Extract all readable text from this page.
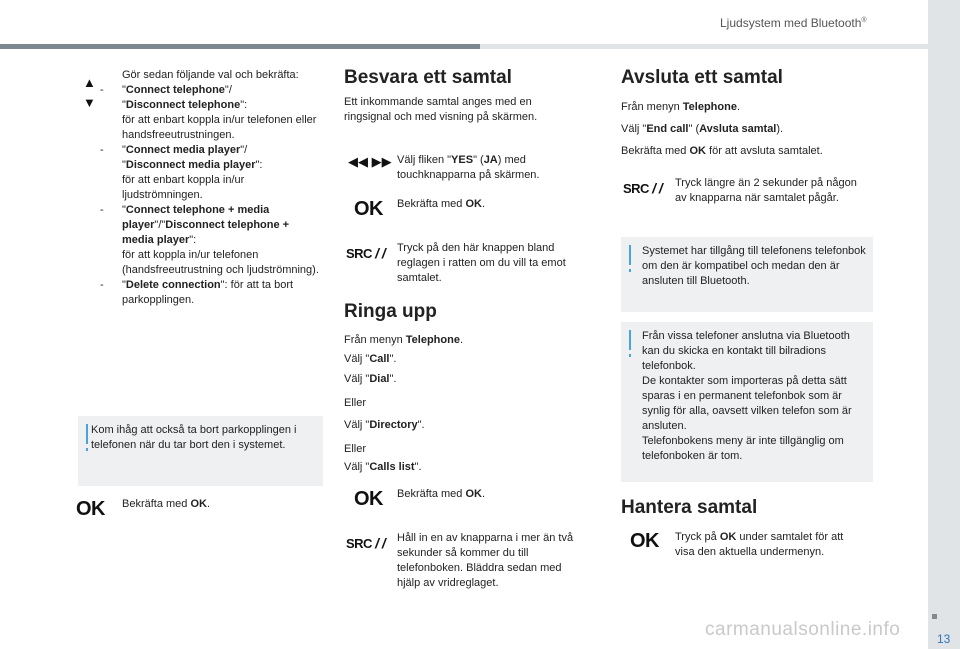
Ljudsystem med Bluetooth®
13
carmanualsonline.info
▲
▼

Gör sedan följande val och bekräfta:

- "Connect telephone"/
"Disconnect telephone":
för att enbart koppla in/ur telefonen eller handsfreeutrustningen.
- "Connect media player"/
"Disconnect media player":
för att enbart koppla in/ur ljudströmningen.
- "Connect telephone + media player"/"Disconnect telephone + media player":
för att koppla in/ur telefonen (handsfreeutrustning och ljudströmning).
- "Delete connection": för att ta bort parkopplingen.

Kom ihåg att också ta bort parkopplingen i telefonen när du tar bort den i systemet.

OK Bekräfta med OK.

Besvara ett samtal

Ett inkommande samtal anges med en ringsignal och med visning på skärmen.

◀◀ ▶▶ Välj fliken "YES" (JA) med touchknapparna på skärmen.

OK Bekräfta med OK.

SRC / / Tryck på den här knappen bland reglagen i ratten om du vill ta emot samtalet.

Ringa upp

Från menyn Telephone.

Välj "Call".

Välj "Dial".

Eller

Välj "Directory".

Eller

Välj "Calls list".

OK Bekräfta med OK.

SRC / / Håll in en av knapparna i mer än två sekunder så kommer du till telefonboken. Bläddra sedan med hjälp av vridreglaget.

Avsluta ett samtal

Från menyn Telephone.

Välj "End call" (Avsluta samtal).

Bekräfta med OK för att avsluta samtalet.

SRC / / Tryck längre än 2 sekunder på någon av knapparna när samtalet pågår.

Systemet har tillgång till telefonens telefonbok om den är kompatibel och medan den är ansluten till Bluetooth.

Från vissa telefoner anslutna via Bluetooth kan du skicka en kontakt till bilradions telefonbok.
De kontakter som importeras på detta sätt sparas i en permanent telefonbok som är synlig för alla, oavsett vilken telefon som är ansluten.
Telefonbokens meny är inte tillgänglig om telefonboken är tom.
Hantera samtal
OK Tryck på OK under samtalet för att visa den aktuella undermenyn.
